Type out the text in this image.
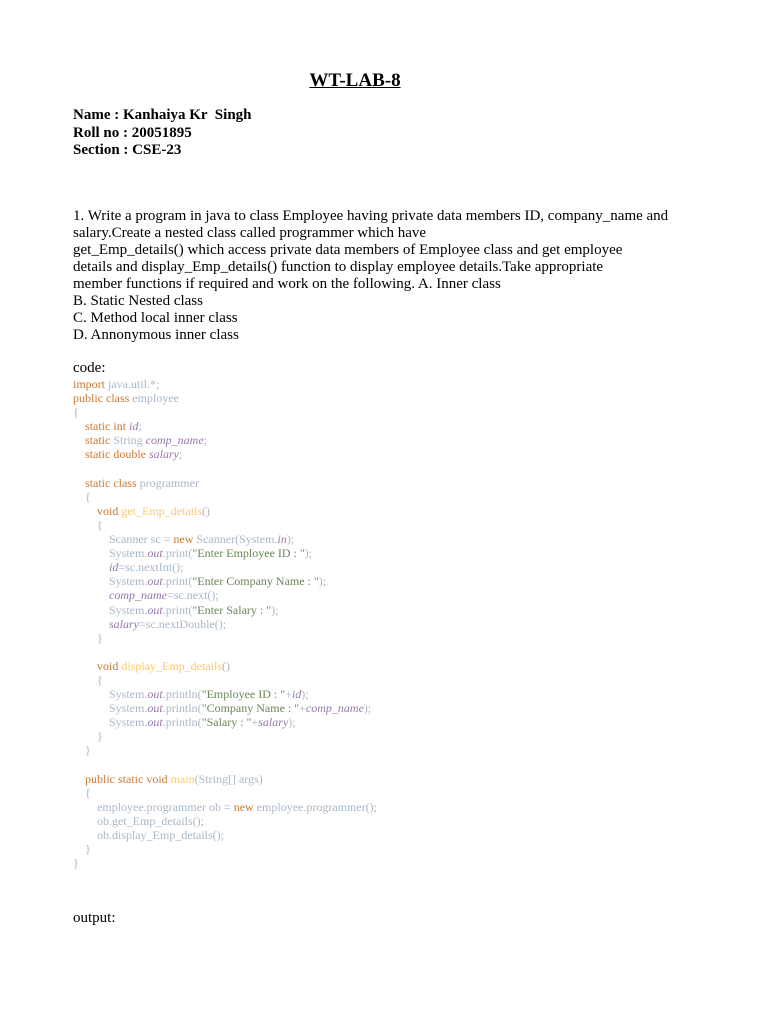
WT-LAB-8
Name : Kanhaiya Kr  Singh
Roll no : 20051895
Section : CSE-23
1. Write a program in java to class Employee having private data members ID, company_name and
salary.Create a nested class called programmer which have
get_Emp_details() which access private data members of Employee class and get employee
details and display_Emp_details() function to display employee details.Take appropriate
member functions if required and work on the following. A. Inner class
B. Static Nested class
C. Method local inner class
D. Annonymous inner class
code:
import java.util.*;
public class employee
{
static int id;
static String comp_name;
static double salary;
static class programmer
{
void get_Emp_details()
{
Scanner sc = new Scanner(System.in);
System.out.print("Enter Employee ID : ");
id=sc.nextInt();
System.out.print("Enter Company Name : ");
comp_name=sc.next();
System.out.print("Enter Salary : ");
salary=sc.nextDouble();
}
void display_Emp_details()
{
System.out.println("Employee ID : "+id);
System.out.println("Company Name : "+comp_name);
System.out.println("Salary : "+salary);
}
}
public static void main(String[] args)
{
employee.programmer ob = new employee.programmer();
ob.get_Emp_details();
ob.display_Emp_details();
}
}
output:
